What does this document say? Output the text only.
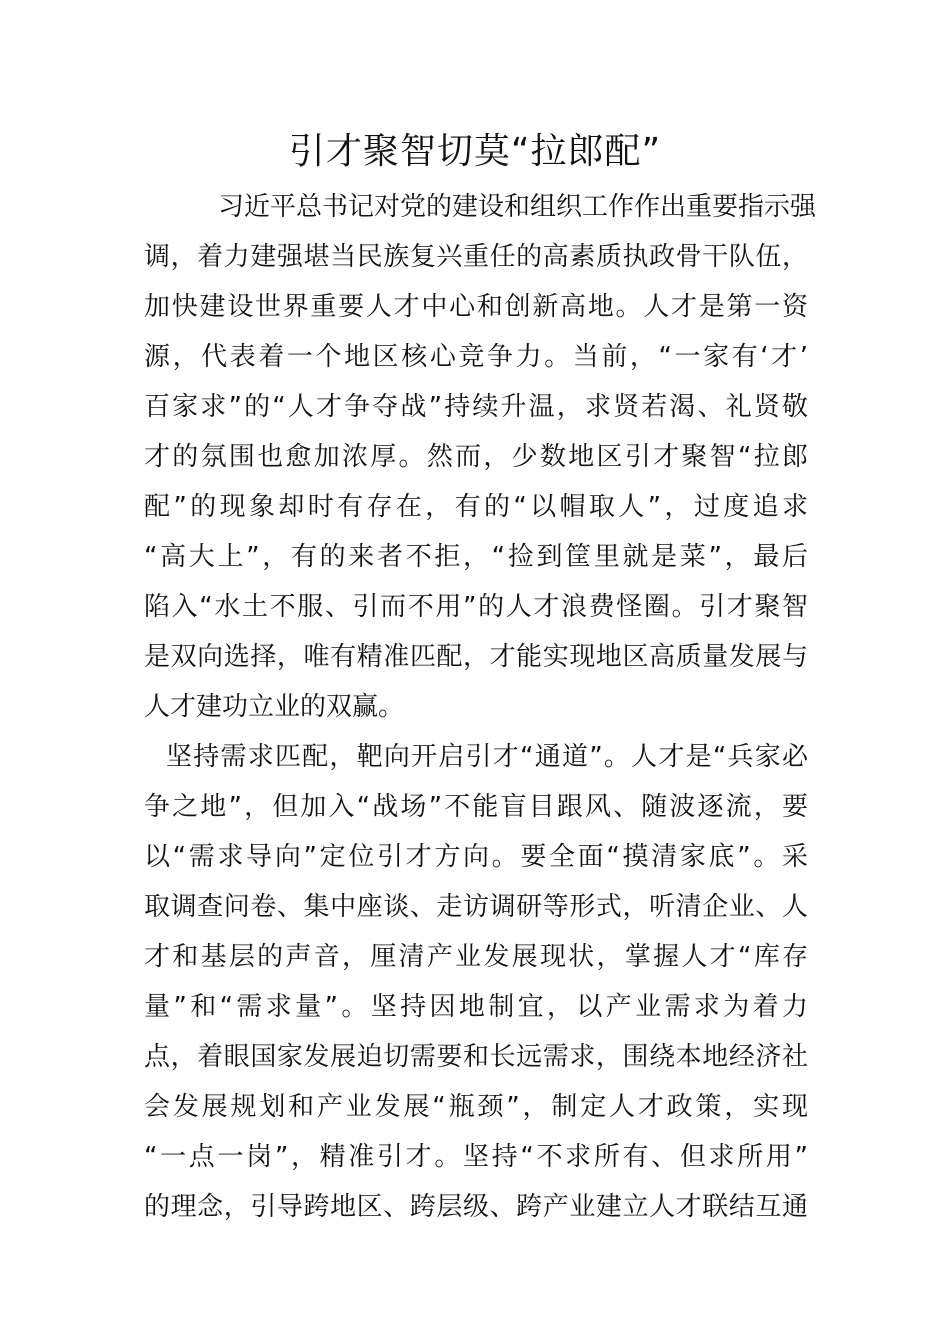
引才聚智切莫“拉郎配”
习近平总书记对党的建设和组织工作作出重要指示强
调，着力建强堪当民族复兴重任的高素质执政骨干队伍，
加快建设世界重要人才中心和创新高地。人才是第一资
源，代表着一个地区核心竞争力。当前，“一家有‘才’
百家求”的“人才争夺战”持续升温，求贤若渴、礼贤敬
才的氛围也愈加浓厚。然而，少数地区引才聚智“拉郎
配”的现象却时有存在，有的“以帽取人”，过度追求
“高大上”，有的来者不拒，“捡到筐里就是菜”，最后
陷入“水土不服、引而不用”的人才浪费怪圈。引才聚智
是双向选择，唯有精准匹配，才能实现地区高质量发展与
人才建功立业的双赢。
坚持需求匹配，靶向开启引才“通道”。人才是“兵家必
争之地”，但加入“战场”不能盲目跟风、随波逐流，要
以“需求导向”定位引才方向。要全面“摸清家底”。采
取调查问卷、集中座谈、走访调研等形式，听清企业、人
才和基层的声音，厘清产业发展现状，掌握人才“库存
量”和“需求量”。坚持因地制宜，以产业需求为着力
点，着眼国家发展迫切需要和长远需求，围绕本地经济社
会发展规划和产业发展“瓶颈”，制定人才政策，实现
“一点一岗”，精准引才。坚持“不求所有、但求所用”
的理念，引导跨地区、跨层级、跨产业建立人才联结互通
